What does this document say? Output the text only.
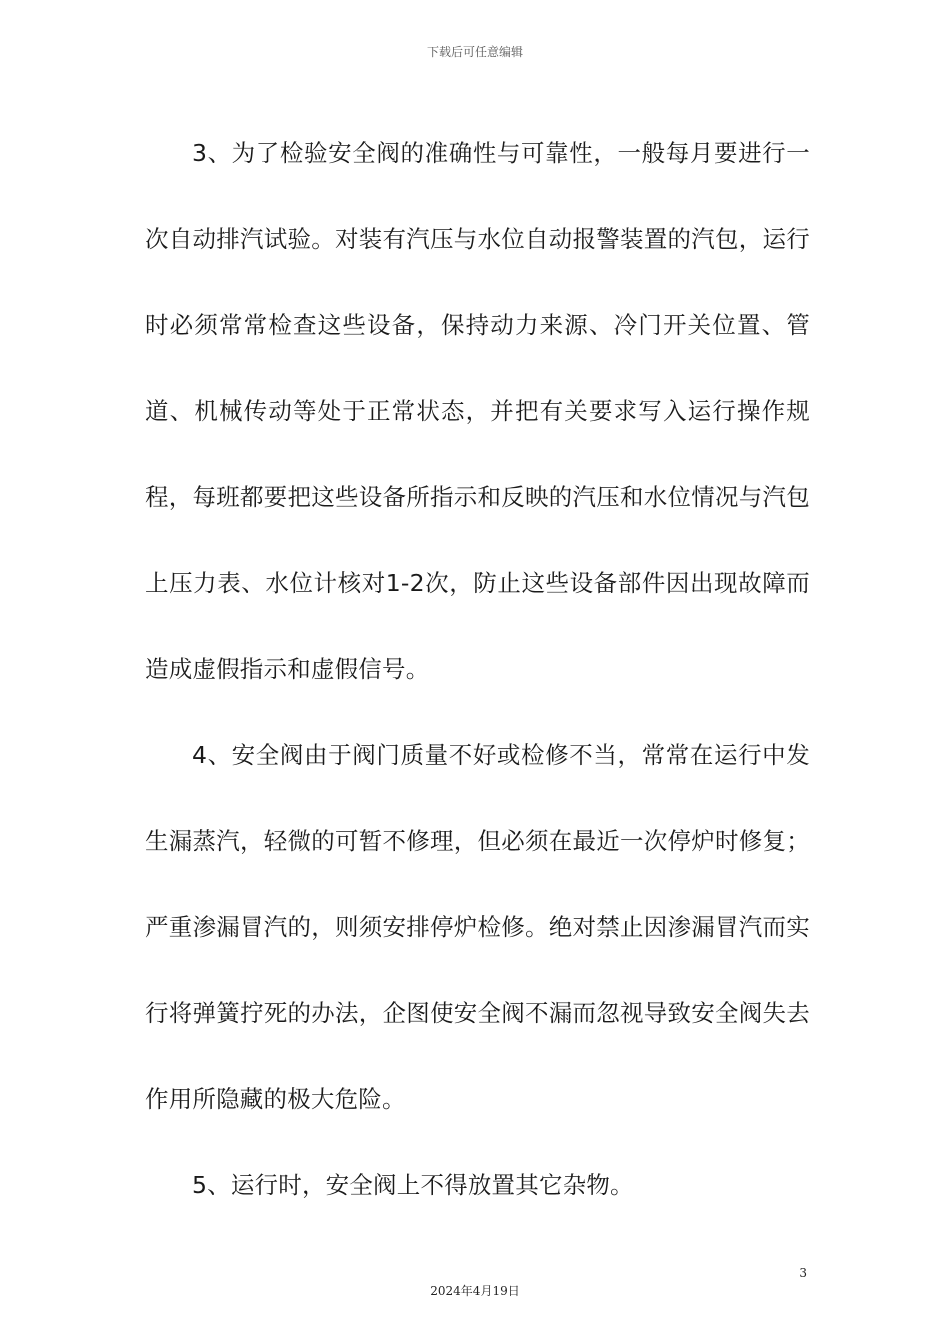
下载后可任意编辑

3、为了检验安全阀的准确性与可靠性，一般每月要进行一次自动排汽试验。对装有汽压与水位自动报警装置的汽包，运行时必须常常检查这些设备，保持动力来源、冷门开关位置、管道、机械传动等处于正常状态，并把有关要求写入运行操作规程，每班都要把这些设备所指示和反映的汽压和水位情况与汽包上压力表、水位计核对1-2次，防止这些设备部件因出现故障而造成虚假指示和虚假信号。

4、安全阀由于阀门质量不好或检修不当，常常在运行中发生漏蒸汽，轻微的可暂不修理，但必须在最近一次停炉时修复；严重渗漏冒汽的，则须安排停炉检修。绝对禁止因渗漏冒汽而实行将弹簧拧死的办法，企图使安全阀不漏而忽视导致安全阀失去作用所隐藏的极大危险。

5、运行时，安全阀上不得放置其它杂物。

3
2024年4月19日
